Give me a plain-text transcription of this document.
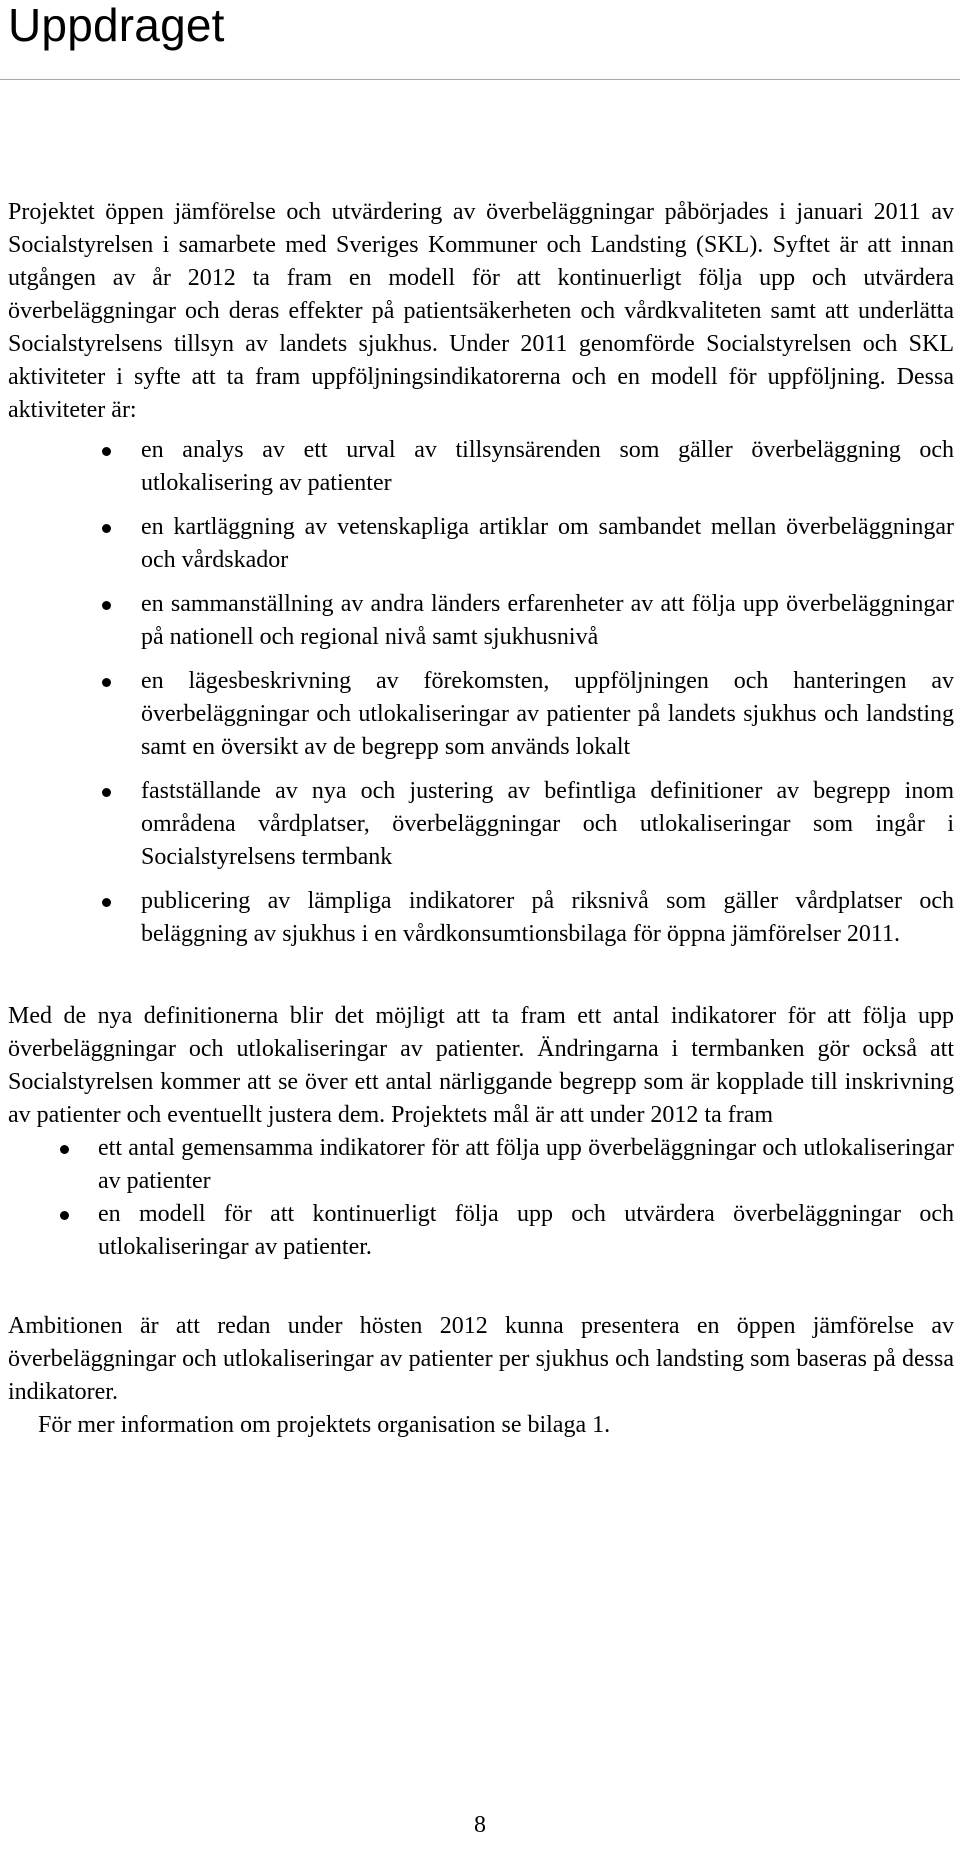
Uppdraget

Projektet öppen jämförelse och utvärdering av överbeläggningar påbörjades i januari 2011 av Socialstyrelsen i samarbete med Sveriges Kommuner och Landsting (SKL). Syftet är att innan utgången av år 2012 ta fram en modell för att kontinuerligt följa upp och utvärdera överbeläggningar och deras effekter på patientsäkerheten och vårdkvaliteten samt att underlätta Socialstyrelsens tillsyn av landets sjukhus. Under 2011 genomförde Socialstyrelsen och SKL aktiviteter i syfte att ta fram uppföljningsindikatorerna och en modell för uppföljning. Dessa aktiviteter är:

en analys av ett urval av tillsynsärenden som gäller överbeläggning och utlokalisering av patienter
en kartläggning av vetenskapliga artiklar om sambandet mellan överbeläggningar och vårdskador
en sammanställning av andra länders erfarenheter av att följa upp överbeläggningar på nationell och regional nivå samt sjukhusnivå
en lägesbeskrivning av förekomsten, uppföljningen och hanteringen av överbeläggningar och utlokaliseringar av patienter på landets sjukhus och landsting samt en översikt av de begrepp som används lokalt
fastställande av nya och justering av befintliga definitioner av begrepp inom områdena vårdplatser, överbeläggningar och utlokaliseringar som ingår i Socialstyrelsens termbank
publicering av lämpliga indikatorer på riksnivå som gäller vårdplatser och beläggning av sjukhus i en vårdkonsumtionsbilaga för öppna jämförelser 2011.

Med de nya definitionerna blir det möjligt att ta fram ett antal indikatorer för att följa upp överbeläggningar och utlokaliseringar av patienter. Ändringarna i termbanken gör också att Socialstyrelsen kommer att se över ett antal närliggande begrepp som är kopplade till inskrivning av patienter och eventuellt justera dem. Projektets mål är att under 2012 ta fram

ett antal gemensamma indikatorer för att följa upp överbeläggningar och utlokaliseringar av patienter
en modell för att kontinuerligt följa upp och utvärdera överbeläggningar och utlokaliseringar av patienter.

Ambitionen är att redan under hösten 2012 kunna presentera en öppen jämförelse av överbeläggningar och utlokaliseringar av patienter per sjukhus och landsting som baseras på dessa indikatorer.

För mer information om projektets organisation se bilaga 1.

8
